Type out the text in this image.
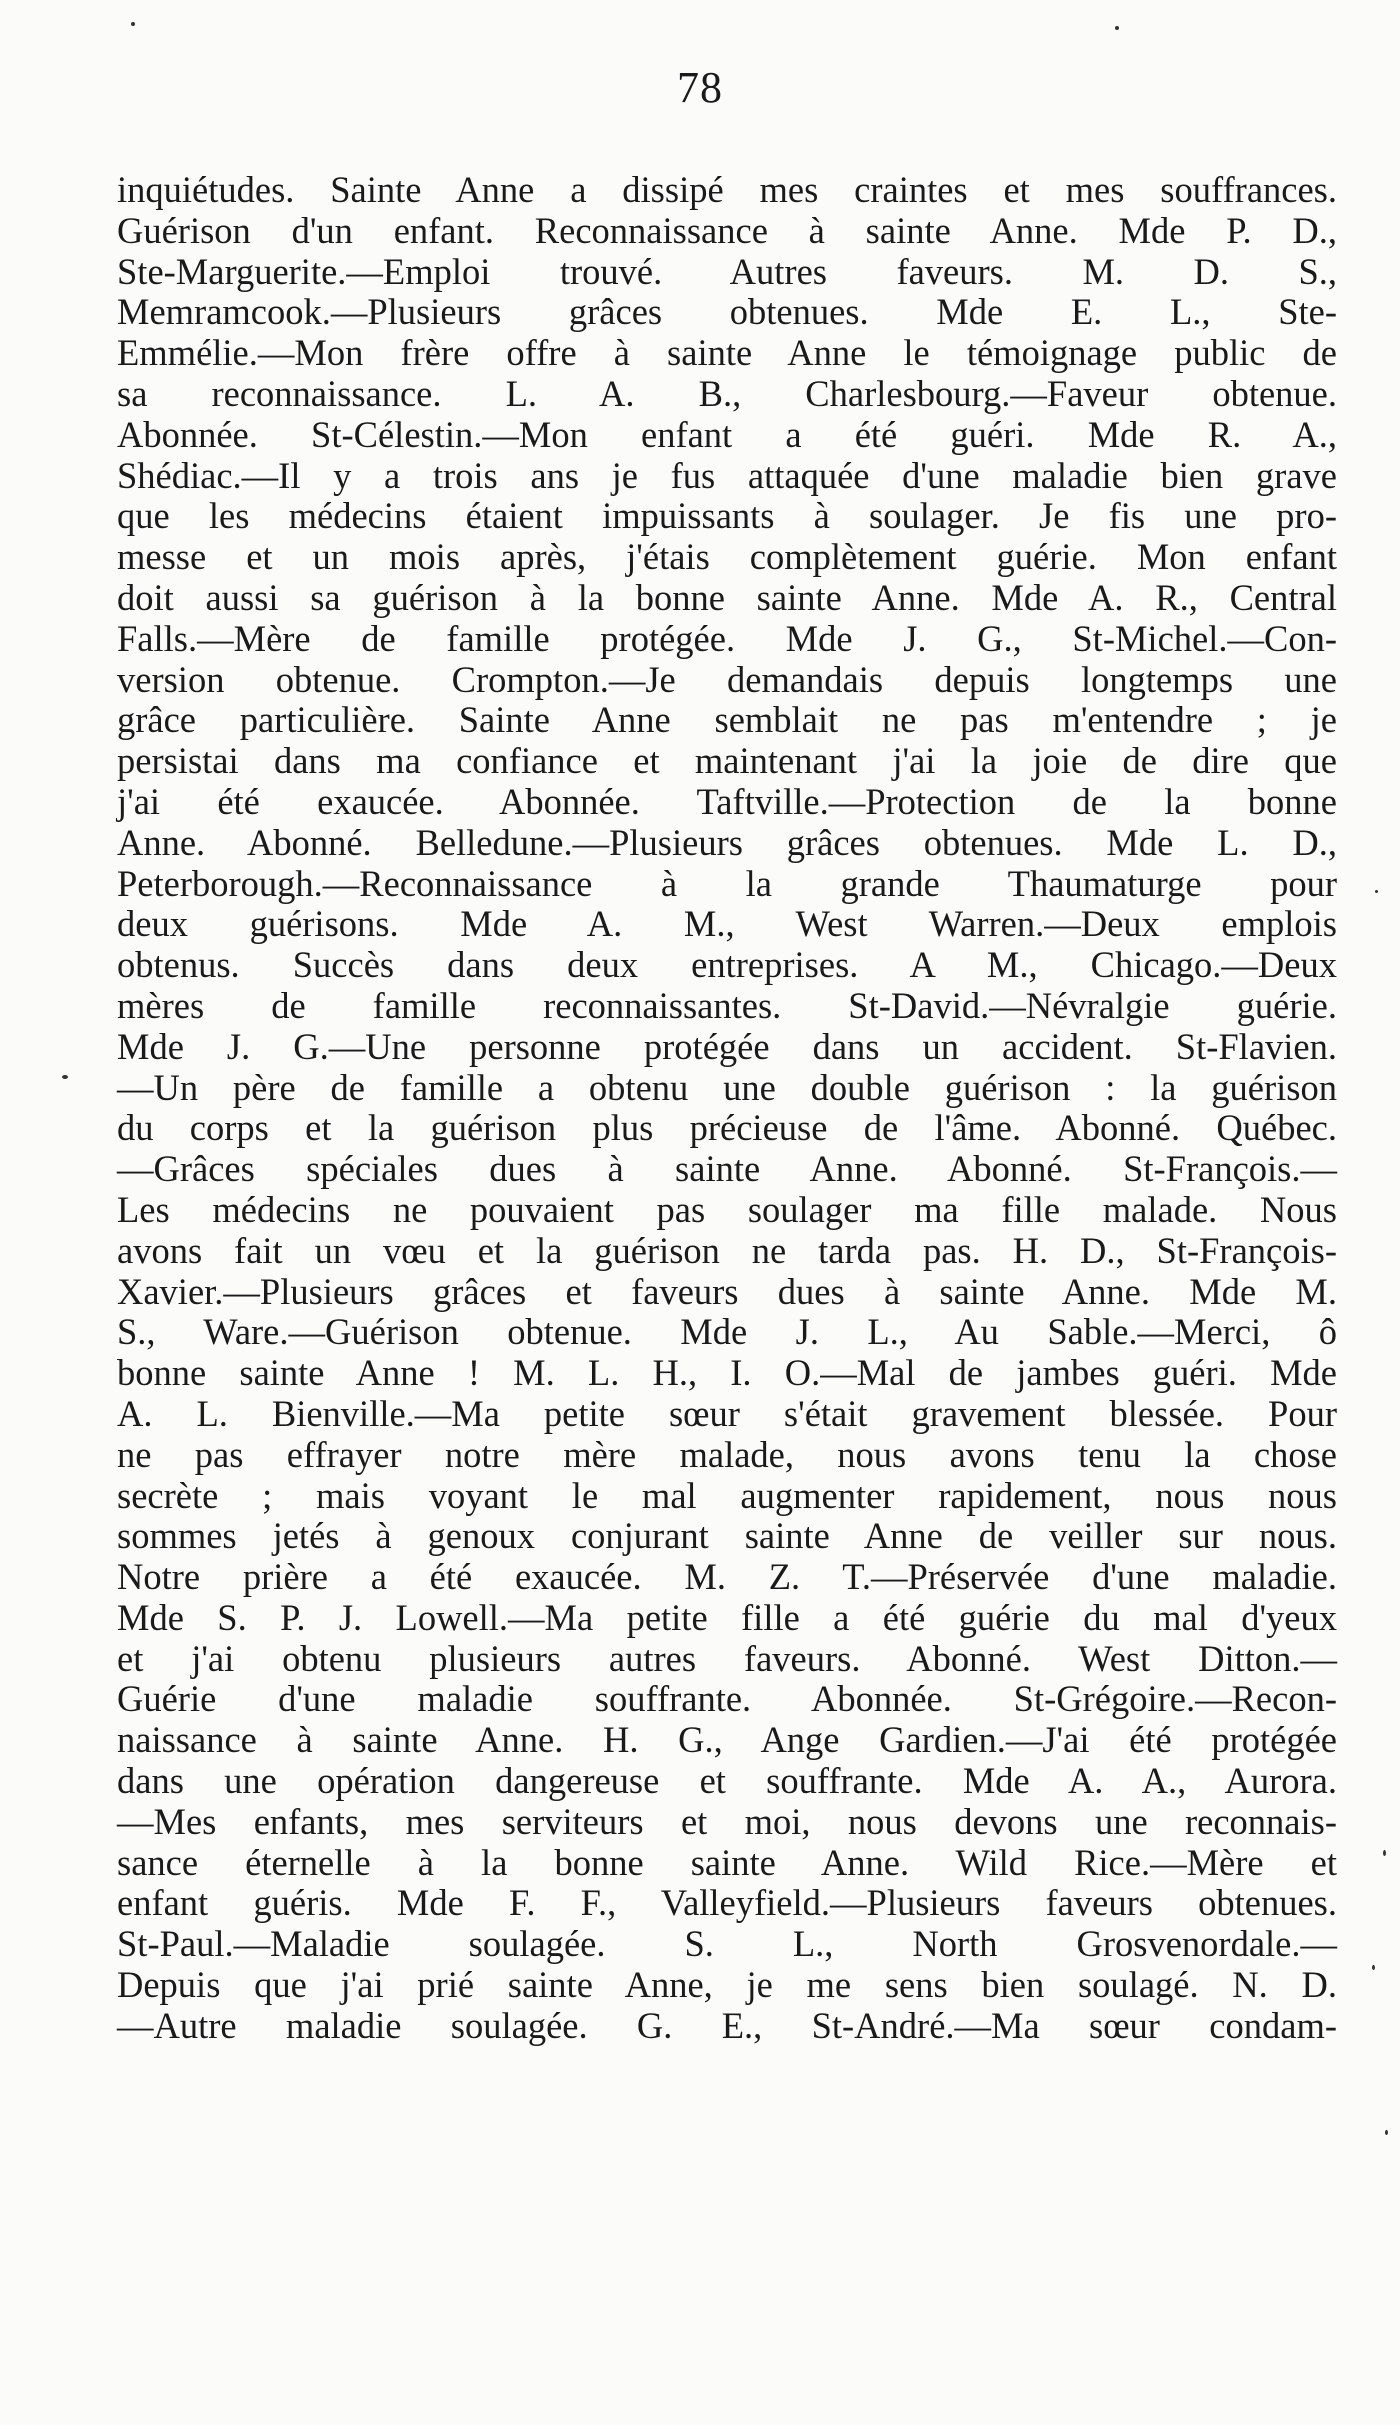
78
inquiétudes. Sainte Anne a dissipé mes craintes et mes souffrances.
Guérison d'un enfant. Reconnaissance à sainte Anne. Mde P. D.,
Ste-Marguerite.—Emploi trouvé. Autres faveurs. M. D. S.,
Memramcook.—Plusieurs grâces obtenues. Mde E. L., Ste-
Emmélie.—Mon frère offre à sainte Anne le témoignage public de
sa reconnaissance. L. A. B., Charlesbourg.—Faveur obtenue.
Abonnée. St-Célestin.—Mon enfant a été guéri. Mde R. A.,
Shédiac.—Il y a trois ans je fus attaquée d'une maladie bien grave
que les médecins étaient impuissants à soulager. Je fis une pro-
messe et un mois après, j'étais complètement guérie. Mon enfant
doit aussi sa guérison à la bonne sainte Anne. Mde A. R., Central
Falls.—Mère de famille protégée. Mde J. G., St-Michel.—Con-
version obtenue. Crompton.—Je demandais depuis longtemps une
grâce particulière. Sainte Anne semblait ne pas m'entendre ; je
persistai dans ma confiance et maintenant j'ai la joie de dire que
j'ai été exaucée. Abonnée. Taftville.—Protection de la bonne
Anne. Abonné. Belledune.—Plusieurs grâces obtenues. Mde L. D.,
Peterborough.—Reconnaissance à la grande Thaumaturge pour
deux guérisons. Mde A. M., West Warren.—Deux emplois
obtenus. Succès dans deux entreprises. A M., Chicago.—Deux
mères de famille reconnaissantes. St-David.—Névralgie guérie.
Mde J. G.—Une personne protégée dans un accident. St-Flavien.
—Un père de famille a obtenu une double guérison : la guérison
du corps et la guérison plus précieuse de l'âme. Abonné. Québec.
—Grâces spéciales dues à sainte Anne. Abonné. St-François.—
Les médecins ne pouvaient pas soulager ma fille malade. Nous
avons fait un vœu et la guérison ne tarda pas. H. D., St-François-
Xavier.—Plusieurs grâces et faveurs dues à sainte Anne. Mde M.
S., Ware.—Guérison obtenue. Mde J. L., Au Sable.—Merci, ô
bonne sainte Anne ! M. L. H., I. O.—Mal de jambes guéri. Mde
A. L. Bienville.—Ma petite sœur s'était gravement blessée. Pour
ne pas effrayer notre mère malade, nous avons tenu la chose
secrète ; mais voyant le mal augmenter rapidement, nous nous
sommes jetés à genoux conjurant sainte Anne de veiller sur nous.
Notre prière a été exaucée. M. Z. T.—Préservée d'une maladie.
Mde S. P. J. Lowell.—Ma petite fille a été guérie du mal d'yeux
et j'ai obtenu plusieurs autres faveurs. Abonné. West Ditton.—
Guérie d'une maladie souffrante. Abonnée. St-Grégoire.—Recon-
naissance à sainte Anne. H. G., Ange Gardien.—J'ai été protégée
dans une opération dangereuse et souffrante. Mde A. A., Aurora.
—Mes enfants, mes serviteurs et moi, nous devons une reconnais-
sance éternelle à la bonne sainte Anne. Wild Rice.—Mère et
enfant guéris. Mde F. F., Valleyfield.—Plusieurs faveurs obtenues.
St-Paul.—Maladie soulagée. S. L., North Grosvenordale.—
Depuis que j'ai prié sainte Anne, je me sens bien soulagé. N. D.
—Autre maladie soulagée. G. E., St-André.—Ma sœur condam-
